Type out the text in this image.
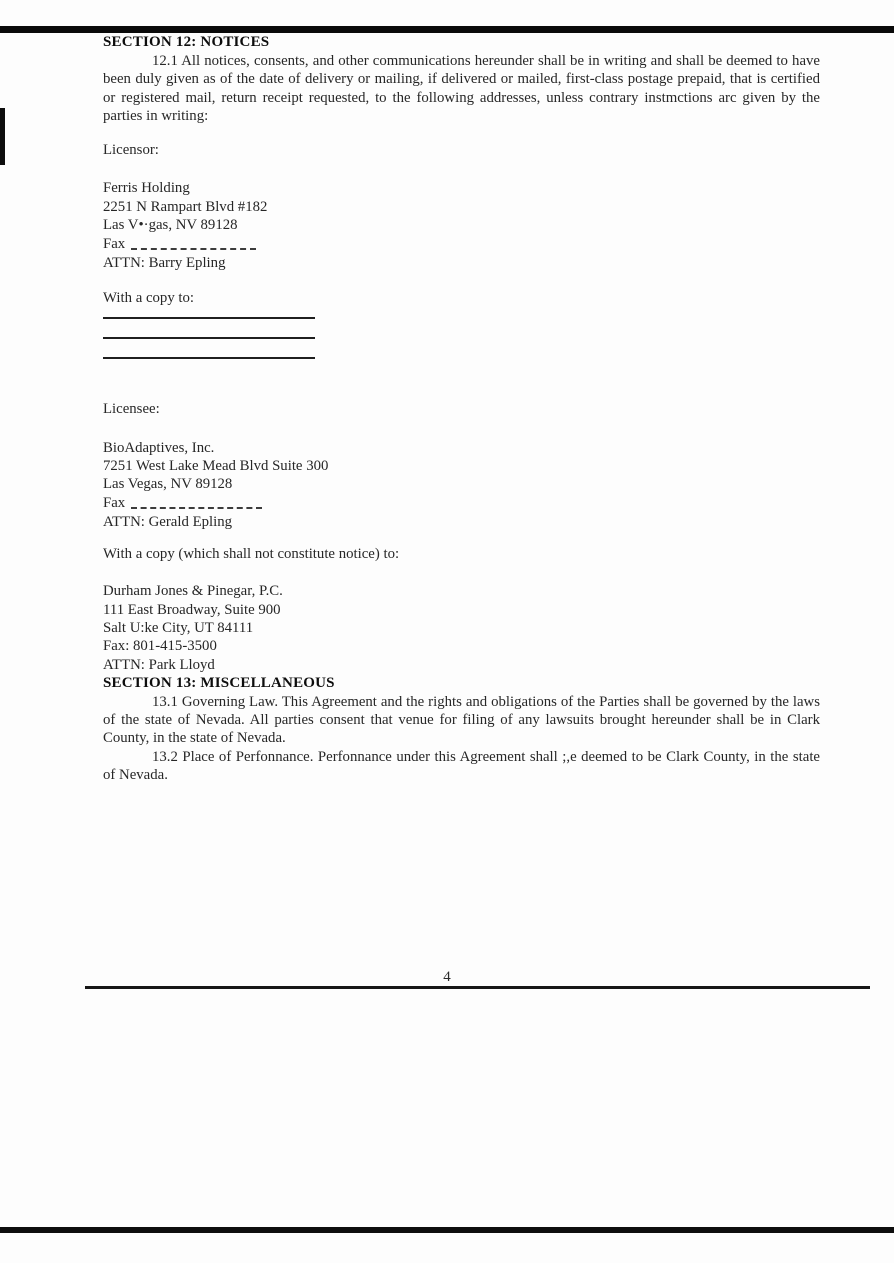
SECTION 12: NOTICES

12.1 All notices, consents, and other communications hereunder shall be in writing and shall be deemed to have been duly given as of the date of delivery or mailing, if delivered or mailed, first-class postage prepaid, that is certified or registered mail, return receipt requested, to the following addresses, unless contrary instmctions arc given by the parties in writing:

Licensor:

Ferris Holding
2251 N Rampart Blvd #182
Las V•·gas, NV 89128
Fax
ATTN: Barry Epling

With a copy to:

Licensee:

BioAdaptives, Inc.
7251 West Lake Mead Blvd Suite 300
Las Vegas, NV 89128
Fax
ATTN: Gerald Epling

With a copy (which shall not constitute notice) to:

Durham Jones & Pinegar, P.C.
111 East Broadway, Suite 900
Salt U:ke City, UT 84111
Fax: 801-415-3500
ATTN: Park Lloyd
SECTION 13: MISCELLANEOUS

13.1 Governing Law. This Agreement and the rights and obligations of the Parties shall be governed by the laws of the state of Nevada. All parties consent that venue for filing of any lawsuits brought hereunder shall be in Clark County, in the state of Nevada.

13.2 Place of Perfonnance. Perfonnance under this Agreement shall ;,e deemed to be Clark County, in the state of Nevada.

4
